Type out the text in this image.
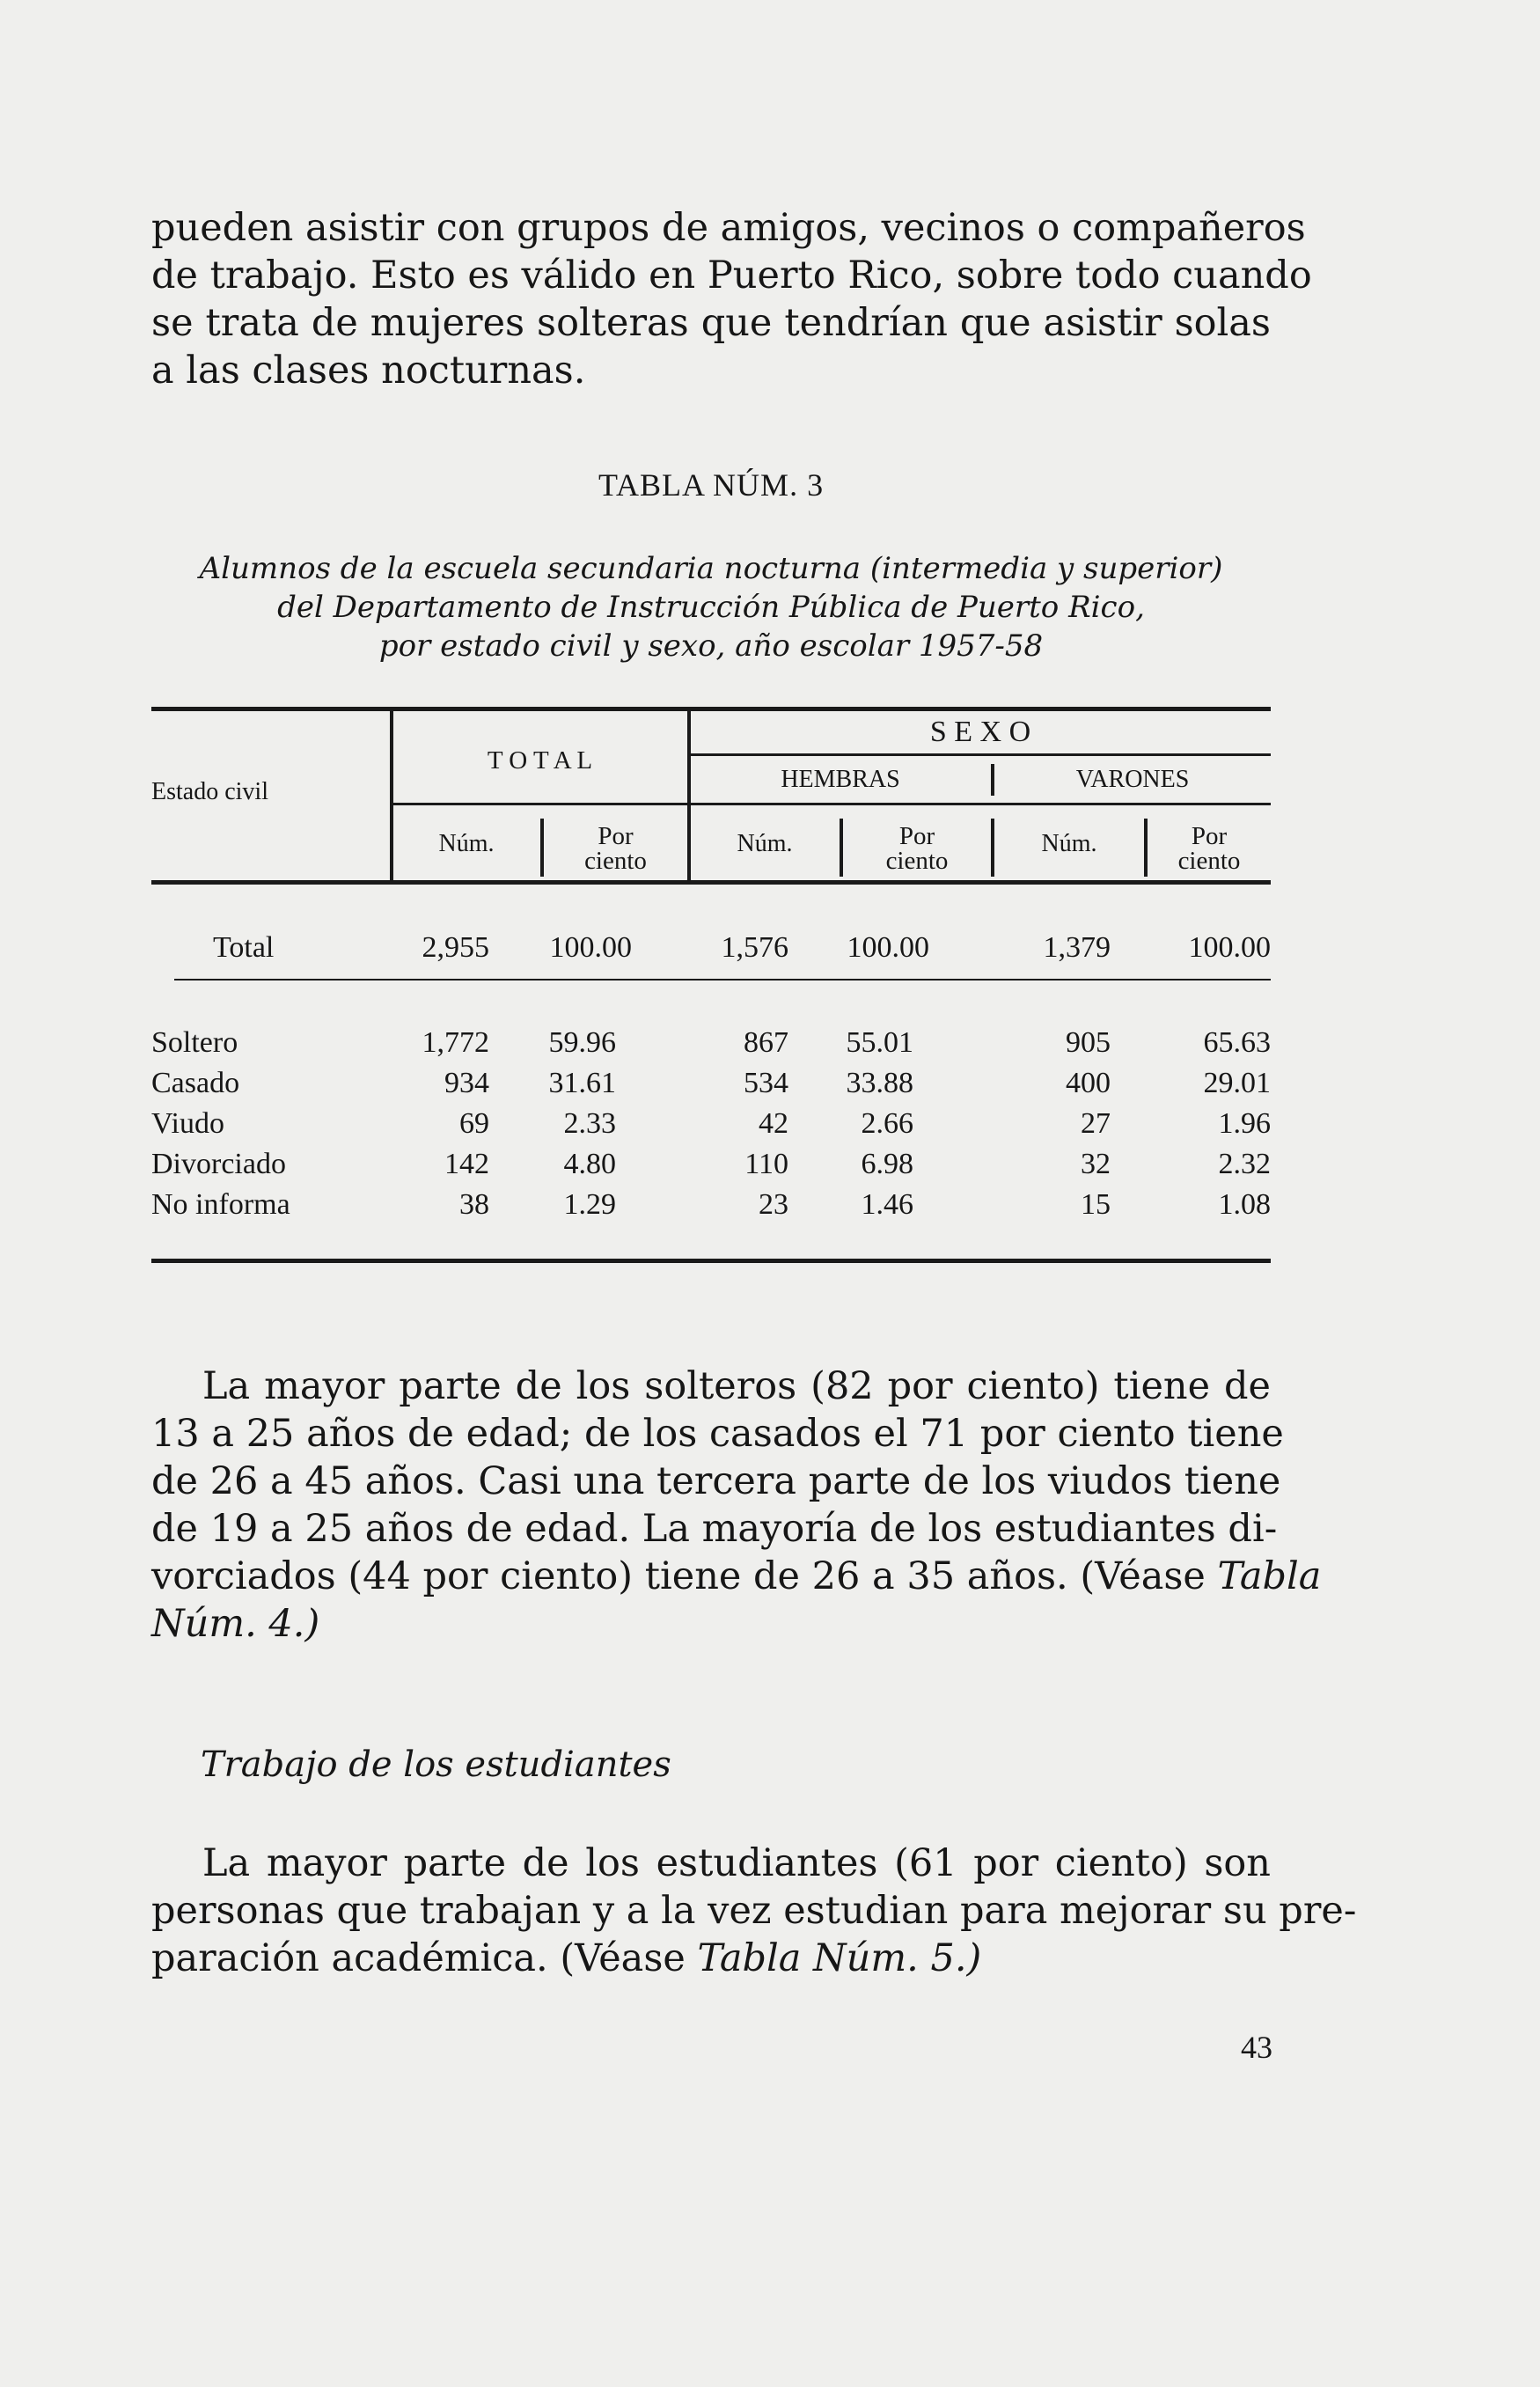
pueden asistir con grupos de amigos, vecinos o compañeros
de trabajo. Esto es válido en Puerto Rico, sobre todo cuando
se trata de mujeres solteras que tendrían que asistir solas
a las clases nocturnas.
TABLA NÚM. 3
Alumnos de la escuela secundaria nocturna (intermedia y superior)
del Departamento de Instrucción Pública de Puerto Rico,
por estado civil y sexo, año escolar 1957-58
Estado civil
T O T A L
S E X O
HEMBRAS	VARONES
Núm.	Por
ciento
Núm.	Por
ciento
Núm.	Por
ciento
Total	2,955	100.00	1,576	100.00	1,379	100.00
Soltero	1,772	59.96	867	55.01	905	65.63
Casado	934	31.61	534	33.88	400	29.01
Viudo	69	2.33	42	2.66	27	1.96
Divorciado	142	4.80	110	6.98	32	2.32
No informa	38	1.29	23	1.46	15	1.08
La mayor parte de los solteros (82 por ciento) tiene de
13 a 25 años de edad; de los casados el 71 por ciento tiene
de 26 a 45 años. Casi una tercera parte de los viudos tiene
de 19 a 25 años de edad. La mayoría de los estudiantes di-
vorciados (44 por ciento) tiene de 26 a 35 años. (Véase Tabla
Núm. 4.)
Trabajo de los estudiantes
La mayor parte de los estudiantes (61 por ciento) son
personas que trabajan y a la vez estudian para mejorar su pre-
paración académica. (Véase Tabla Núm. 5.)
43
